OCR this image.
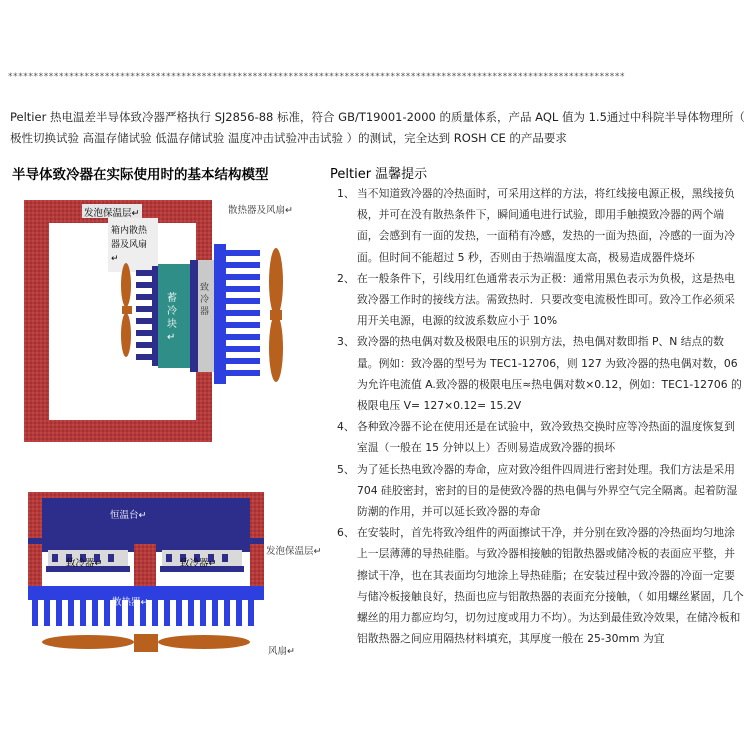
*************************************************************************************************************************
Peltier 热电温差半导体致冷器严格执行 SJ2856-88 标准，符合 GB/T19001-2000 的质量体系，产品 AQL 值为 1.5通过中科院半导体物理所（ 极性切换试验 高温存储试验 低温存储试验 温度冲击试验冲击试验 ）的测试，完全达到 ROSH CE 的产品要求
半导体致冷器在实际使用时的基本结构模型	Peltier 温馨提示
1、 当不知道致冷器的冷热面时，可采用这样的方法，将红线接电源正极，黑线接负极，并可在没有散热条件下，瞬间通电进行试验，即用手触摸致冷器的两个端面，会感到有一面的发热，一面稍有冷感，发热的一面为热面，冷感的一面为冷面。但时间不能超过 5 秒，否则由于热端温度太高，极易造成器件烧坏
2、 在一般条件下，引线用红色通常表示为正极：通常用黑色表示为负极，这是热电致冷器工作时的接线方法。需致热时．只要改变电流极性即可。致冷工作必须采用开关电源，电源的纹波系数应小于 10%
3、 致冷器的热电偶对数及极限电压的识别方法，热电偶对数即指 P、N 结点的数量。例如：致冷器的型号为 TEC1-12706，则 127 为致冷器的热电偶对数，06 为允许电流值 A.致冷器的极限电压≈热电偶对数×0.12，例如：TEC1-12706 的极限电压 V= 127×0.12= 15.2V
4、 各种致冷器不论在使用还是在试验中，致冷致热交换时应等冷热面的温度恢复到室温（一般在 15 分钟以上）否则易造成致冷器的损坏
5、 为了延长热电致冷器的寿命，应对致冷组件四周进行密封处理。我们方法是采用 704 硅胶密封，密封的目的是使致冷器的热电偶与外界空气完全隔离。起着防湿防潮的作用，并可以延长致冷器的寿命
6、 在安装时，首先将致冷组件的两面擦试干净，并分别在致冷器的冷热面均匀地涂上一层薄薄的导热硅脂。与致冷器相接触的铝散热器或储冷板的表面应平整，并擦试干净，也在其表面均匀地涂上导热硅脂；在安装过程中致冷器的冷面一定要与储冷板接触良好，热面也应与铝散热器的表面充分接触，（ 如用螺丝紧固，几个螺丝的用力都应均匀，切勿过度或用力不均）。为达到最佳致冷效果，在储冷板和铝散热器之间应用隔热材料填充，其厚度一般在 25-30mm 为宜
发泡保温层↵	散热器及风扇↵
箱内散热器及风扇↵
蓄冷块↵
致冷器
恒温台↵
发泡保温层↵
致冷器↵	致冷器↵
散热器↵
风扇↵
